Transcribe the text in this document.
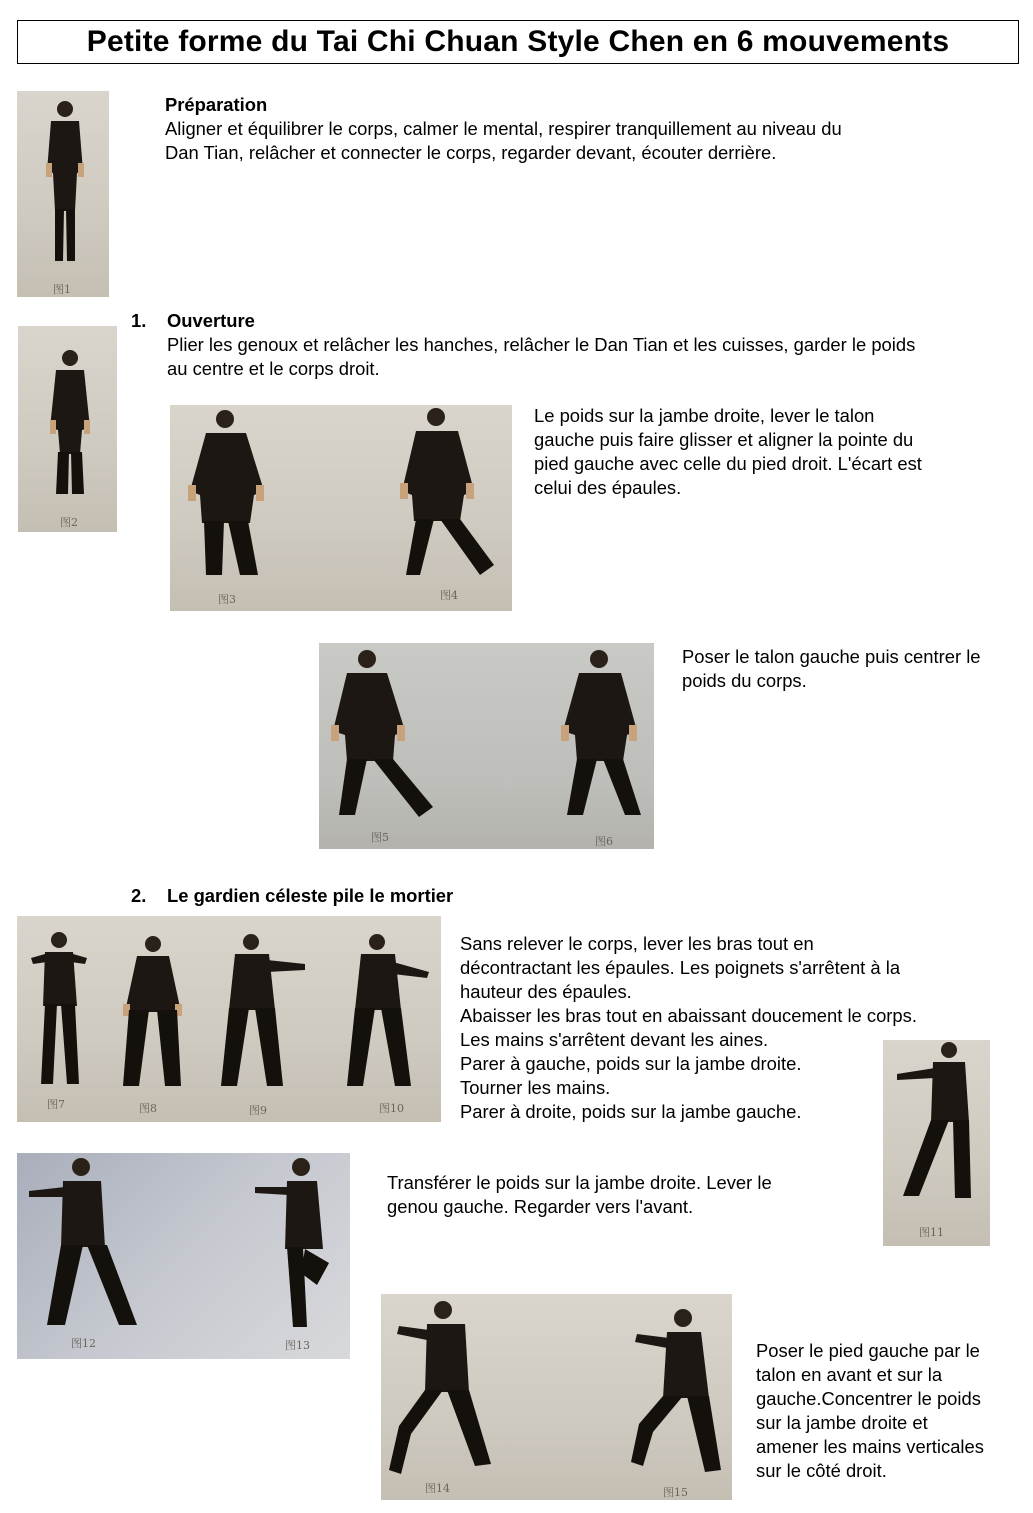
Petite forme du Tai Chi Chuan Style Chen en 6 mouvements
图1
Préparation
Aligner et équilibrer le corps, calmer le mental, respirer tranquillement au niveau du
Dan Tian, relâcher et connecter le corps, regarder devant, écouter derrière.
图2
1. Ouverture
Plier les genoux et relâcher les hanches, relâcher le Dan Tian et les cuisses, garder le poids
au centre et le corps droit.
图3	图4
Le poids sur la jambe droite, lever le talon
gauche puis faire glisser et aligner la pointe du
pied gauche avec celle du pied droit. L'écart est
celui des épaules.
图5	图6
Poser le talon gauche puis centrer le
poids du corps.
2. Le gardien céleste pile le mortier
图7	图8	图9	图10
Sans relever le corps, lever les bras tout en
décontractant les épaules. Les poignets s'arrêtent à la
hauteur des épaules.
Abaisser les bras tout en abaissant doucement le corps.
Les mains s'arrêtent devant les aines.
Parer à gauche, poids sur la jambe droite.
Tourner les mains.
Parer à droite, poids sur la jambe gauche.
图11
图12	图13
Transférer le poids sur la jambe droite. Lever le
genou gauche. Regarder vers l'avant.
图14	图15
Poser le pied gauche par le
talon en avant et sur la
gauche.Concentrer le poids
sur la jambe droite et
amener les mains verticales
sur le côté droit.
